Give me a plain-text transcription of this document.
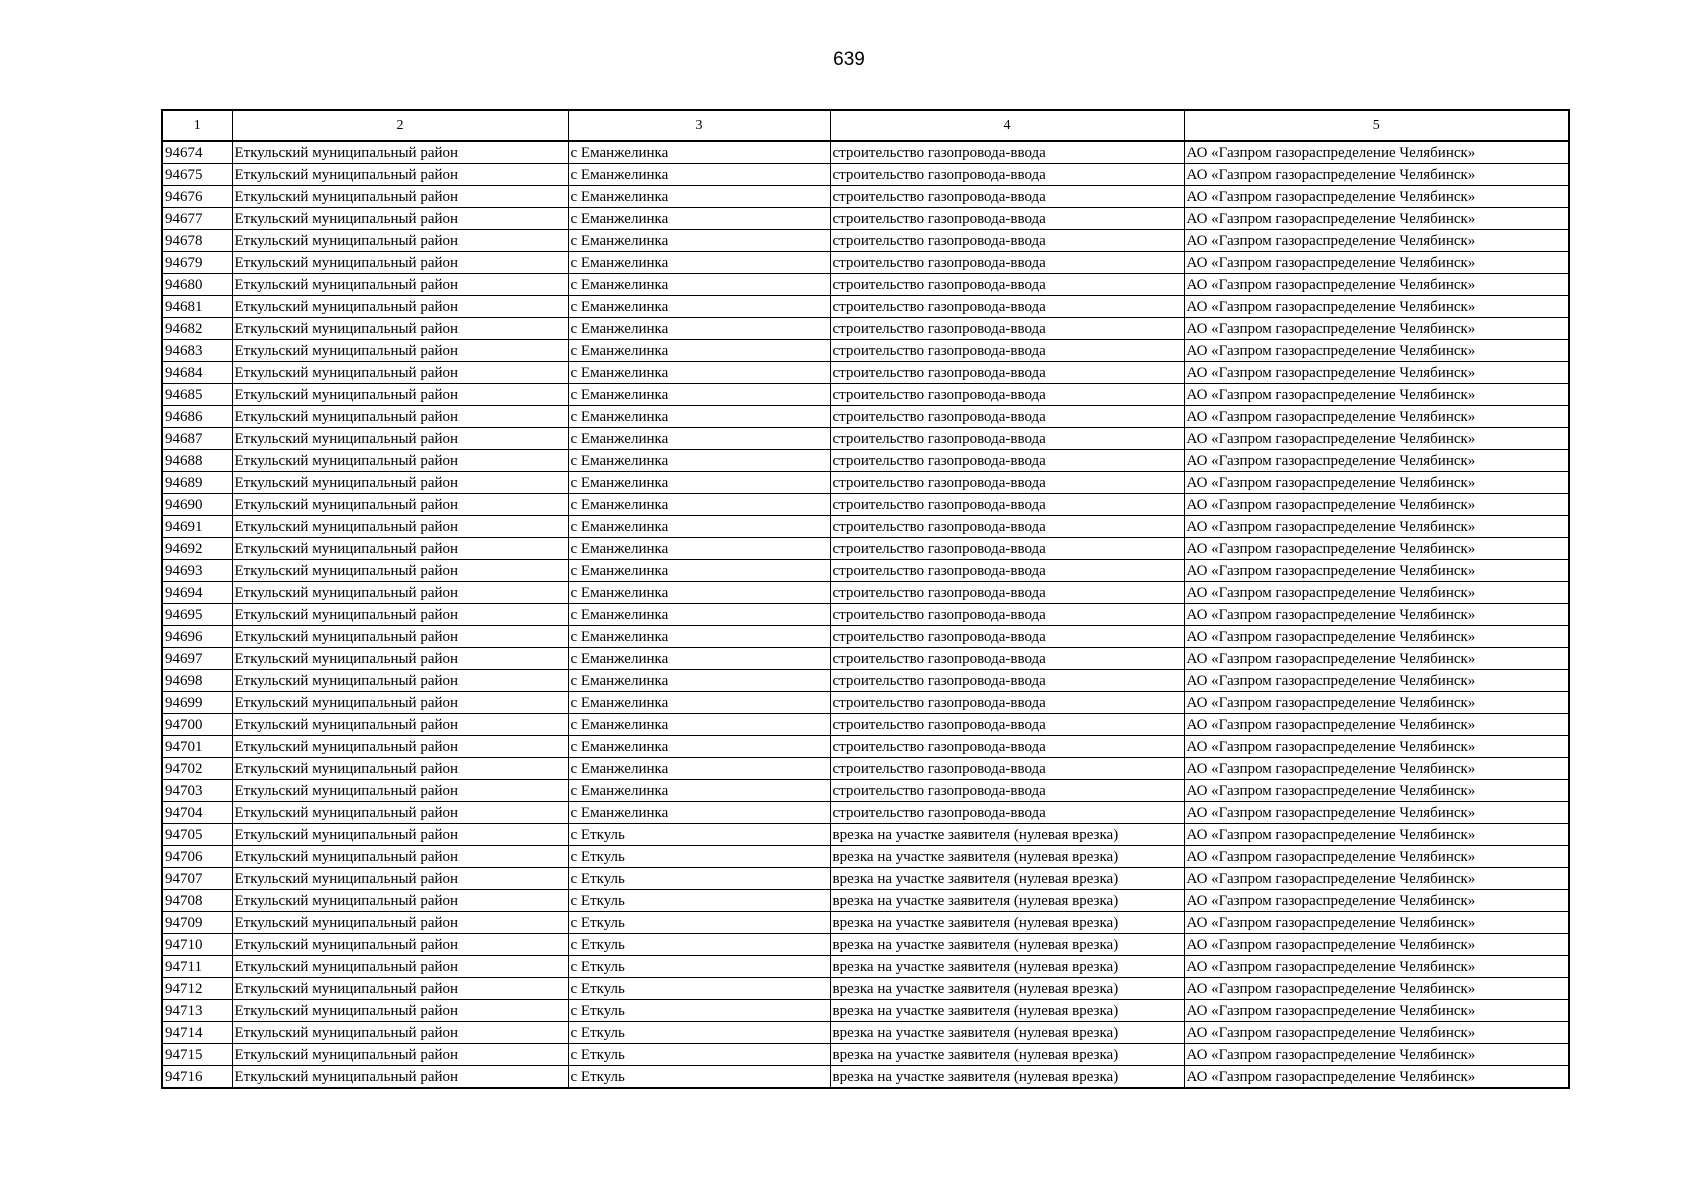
639
1	2	3	4	5
94674	Еткульский муниципальный район	с Еманжелинка	строительство газопровода-ввода	АО «Газпром газораспределение Челябинск»
94675	Еткульский муниципальный район	с Еманжелинка	строительство газопровода-ввода	АО «Газпром газораспределение Челябинск»
94676	Еткульский муниципальный район	с Еманжелинка	строительство газопровода-ввода	АО «Газпром газораспределение Челябинск»
94677	Еткульский муниципальный район	с Еманжелинка	строительство газопровода-ввода	АО «Газпром газораспределение Челябинск»
94678	Еткульский муниципальный район	с Еманжелинка	строительство газопровода-ввода	АО «Газпром газораспределение Челябинск»
94679	Еткульский муниципальный район	с Еманжелинка	строительство газопровода-ввода	АО «Газпром газораспределение Челябинск»
94680	Еткульский муниципальный район	с Еманжелинка	строительство газопровода-ввода	АО «Газпром газораспределение Челябинск»
94681	Еткульский муниципальный район	с Еманжелинка	строительство газопровода-ввода	АО «Газпром газораспределение Челябинск»
94682	Еткульский муниципальный район	с Еманжелинка	строительство газопровода-ввода	АО «Газпром газораспределение Челябинск»
94683	Еткульский муниципальный район	с Еманжелинка	строительство газопровода-ввода	АО «Газпром газораспределение Челябинск»
94684	Еткульский муниципальный район	с Еманжелинка	строительство газопровода-ввода	АО «Газпром газораспределение Челябинск»
94685	Еткульский муниципальный район	с Еманжелинка	строительство газопровода-ввода	АО «Газпром газораспределение Челябинск»
94686	Еткульский муниципальный район	с Еманжелинка	строительство газопровода-ввода	АО «Газпром газораспределение Челябинск»
94687	Еткульский муниципальный район	с Еманжелинка	строительство газопровода-ввода	АО «Газпром газораспределение Челябинск»
94688	Еткульский муниципальный район	с Еманжелинка	строительство газопровода-ввода	АО «Газпром газораспределение Челябинск»
94689	Еткульский муниципальный район	с Еманжелинка	строительство газопровода-ввода	АО «Газпром газораспределение Челябинск»
94690	Еткульский муниципальный район	с Еманжелинка	строительство газопровода-ввода	АО «Газпром газораспределение Челябинск»
94691	Еткульский муниципальный район	с Еманжелинка	строительство газопровода-ввода	АО «Газпром газораспределение Челябинск»
94692	Еткульский муниципальный район	с Еманжелинка	строительство газопровода-ввода	АО «Газпром газораспределение Челябинск»
94693	Еткульский муниципальный район	с Еманжелинка	строительство газопровода-ввода	АО «Газпром газораспределение Челябинск»
94694	Еткульский муниципальный район	с Еманжелинка	строительство газопровода-ввода	АО «Газпром газораспределение Челябинск»
94695	Еткульский муниципальный район	с Еманжелинка	строительство газопровода-ввода	АО «Газпром газораспределение Челябинск»
94696	Еткульский муниципальный район	с Еманжелинка	строительство газопровода-ввода	АО «Газпром газораспределение Челябинск»
94697	Еткульский муниципальный район	с Еманжелинка	строительство газопровода-ввода	АО «Газпром газораспределение Челябинск»
94698	Еткульский муниципальный район	с Еманжелинка	строительство газопровода-ввода	АО «Газпром газораспределение Челябинск»
94699	Еткульский муниципальный район	с Еманжелинка	строительство газопровода-ввода	АО «Газпром газораспределение Челябинск»
94700	Еткульский муниципальный район	с Еманжелинка	строительство газопровода-ввода	АО «Газпром газораспределение Челябинск»
94701	Еткульский муниципальный район	с Еманжелинка	строительство газопровода-ввода	АО «Газпром газораспределение Челябинск»
94702	Еткульский муниципальный район	с Еманжелинка	строительство газопровода-ввода	АО «Газпром газораспределение Челябинск»
94703	Еткульский муниципальный район	с Еманжелинка	строительство газопровода-ввода	АО «Газпром газораспределение Челябинск»
94704	Еткульский муниципальный район	с Еманжелинка	строительство газопровода-ввода	АО «Газпром газораспределение Челябинск»
94705	Еткульский муниципальный район	с Еткуль	врезка на участке заявителя (нулевая врезка)	АО «Газпром газораспределение Челябинск»
94706	Еткульский муниципальный район	с Еткуль	врезка на участке заявителя (нулевая врезка)	АО «Газпром газораспределение Челябинск»
94707	Еткульский муниципальный район	с Еткуль	врезка на участке заявителя (нулевая врезка)	АО «Газпром газораспределение Челябинск»
94708	Еткульский муниципальный район	с Еткуль	врезка на участке заявителя (нулевая врезка)	АО «Газпром газораспределение Челябинск»
94709	Еткульский муниципальный район	с Еткуль	врезка на участке заявителя (нулевая врезка)	АО «Газпром газораспределение Челябинск»
94710	Еткульский муниципальный район	с Еткуль	врезка на участке заявителя (нулевая врезка)	АО «Газпром газораспределение Челябинск»
94711	Еткульский муниципальный район	с Еткуль	врезка на участке заявителя (нулевая врезка)	АО «Газпром газораспределение Челябинск»
94712	Еткульский муниципальный район	с Еткуль	врезка на участке заявителя (нулевая врезка)	АО «Газпром газораспределение Челябинск»
94713	Еткульский муниципальный район	с Еткуль	врезка на участке заявителя (нулевая врезка)	АО «Газпром газораспределение Челябинск»
94714	Еткульский муниципальный район	с Еткуль	врезка на участке заявителя (нулевая врезка)	АО «Газпром газораспределение Челябинск»
94715	Еткульский муниципальный район	с Еткуль	врезка на участке заявителя (нулевая врезка)	АО «Газпром газораспределение Челябинск»
94716	Еткульский муниципальный район	с Еткуль	врезка на участке заявителя (нулевая врезка)	АО «Газпром газораспределение Челябинск»
